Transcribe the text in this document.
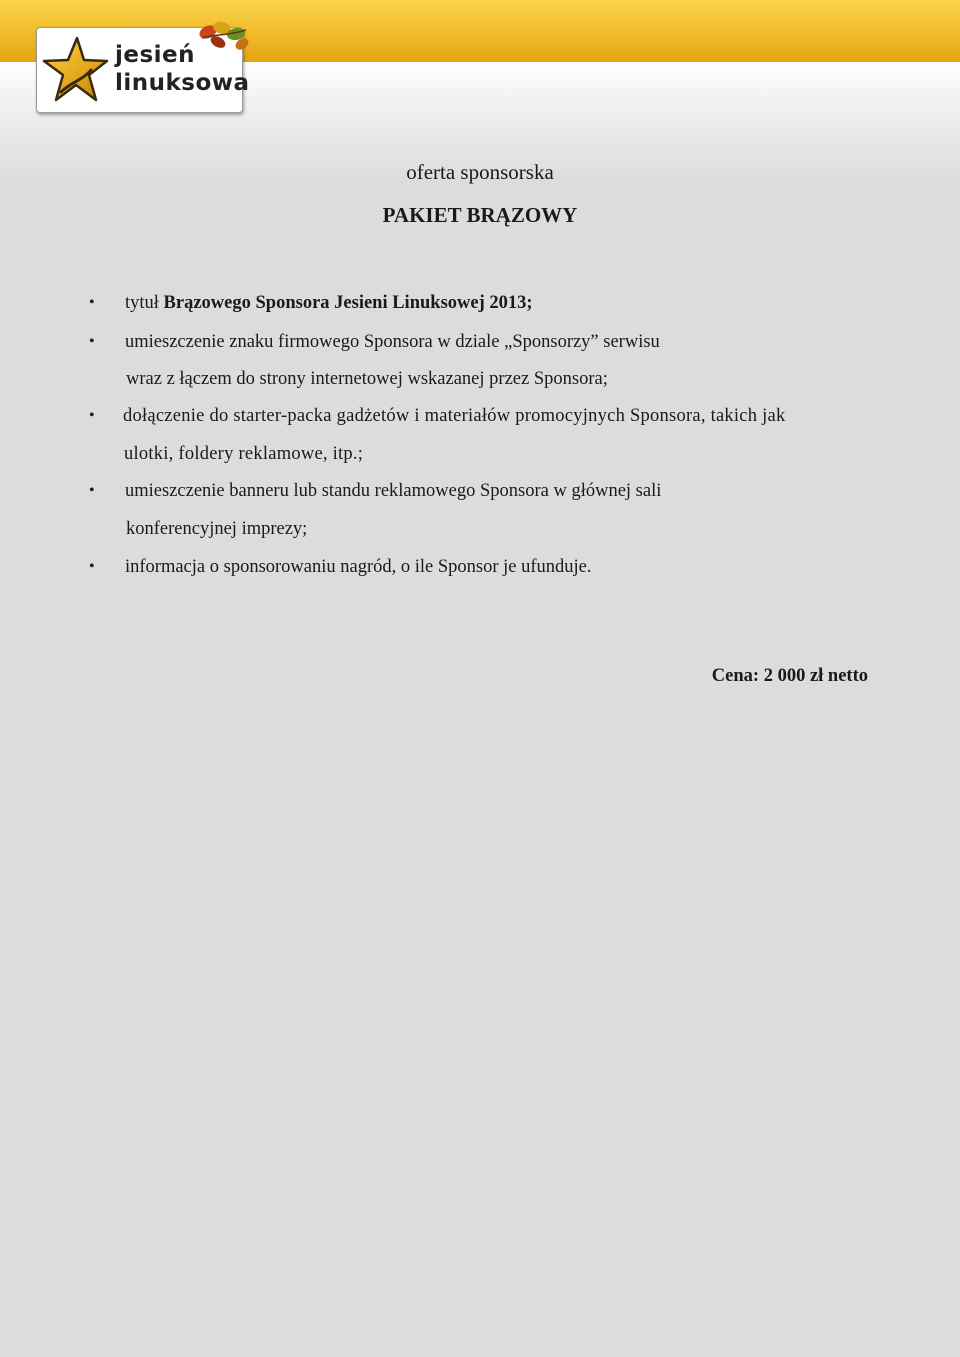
jesień
linuksowa
oferta sponsorska
PAKIET BRĄZOWY
• tytuł Brązowego Sponsora Jesieni Linuksowej 2013;
• umieszczenie znaku firmowego Sponsora w dziale „Sponsorzy” serwisu
wraz z łączem do strony internetowej wskazanej przez Sponsora;
• dołączenie do starter-packa gadżetów i materiałów promocyjnych Sponsora, takich jak
ulotki, foldery reklamowe, itp.;
• umieszczenie banneru lub standu reklamowego Sponsora w głównej sali
konferencyjnej imprezy;
• informacja o sponsorowaniu nagród, o ile Sponsor je ufunduje.
Cena: 2 000 zł netto
